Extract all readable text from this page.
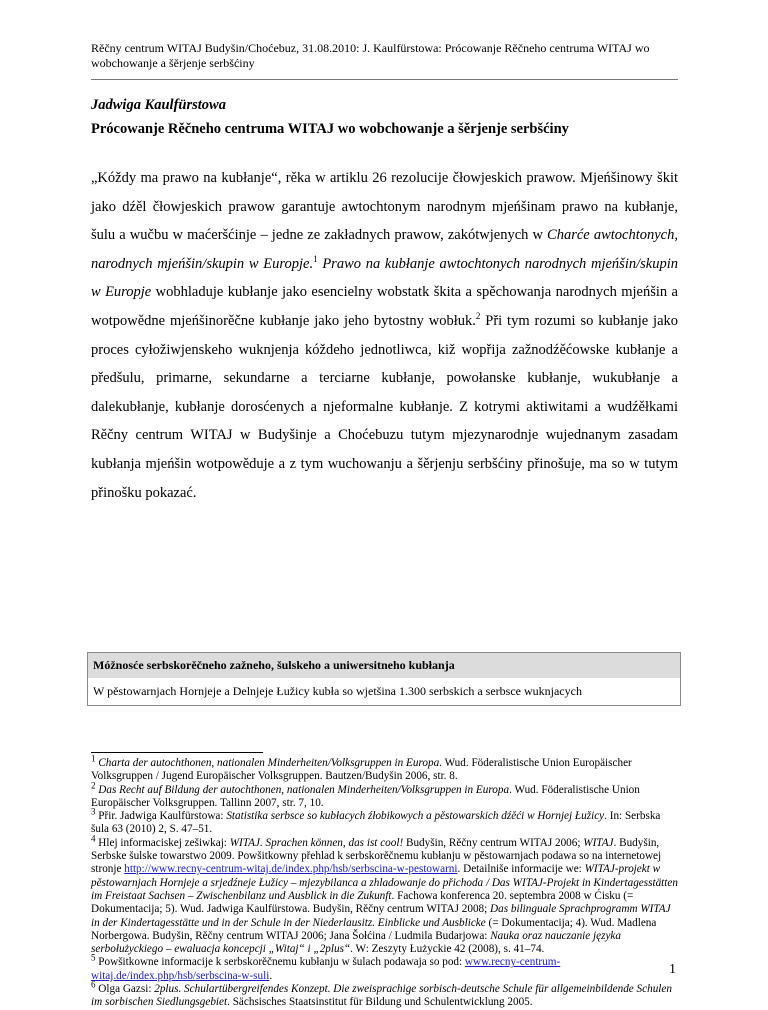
Rěčny centrum WITAJ Budyšin/Choćebuz, 31.08.2010: J. Kaulfürstowa: Prócowanje Rěčneho centruma WITAJ wo wobchowanje a šěrjenje serbšćiny
Jadwiga Kaulfürstowa
Prócowanje Rěčneho centruma WITAJ wo wobchowanje a šěrjenje serbšćiny

„Kóždy ma prawo na kubłanje“, rěka w artiklu 26 rezolucije čłowjeskich prawow. Mjeńšinowy škit jako dźěl čłowjeskich prawow garantuje awtochtonym narodnym mjeńšinam prawo na kubłanje, šulu a wučbu w maćeršćinje – jedne ze zakładnych prawow, zakótwjenych w Charće awtochtonych, narodnych mjeńšin/skupin w Europje.$^1$ Prawo na kubłanje awtochtonych narodnych mjeńšin/skupin w Europje wobhladuje kubłanje jako esencielny wobstatk škita a spěchowanja narodnych mjeńšin a wotpowědne mjeńšinorěčne kubłanje jako jeho bytostny wobłuk.$^2$ Při tym rozumi so kubłanje jako proces cyłožiwjenskeho wuknjenja kóždeho jednotliwca, kiž wopřija zažnodźěćowske kubłanje a předšulu, primarne, sekundarne a terciarne kubłanje, powołanske kubłanje, wukubłanje a dalekubłanje, kubłanje dorosćenych a njeformalne kubłanje. Z kotrymi aktiwitami a wudźěłkami Rěčny centrum WITAJ w Budyšinje a Choćebuzu tutym mjezynarodnje wujednanym zasadam kubłanja mjeńšin wotpowěduje a z tym wuchowanju a šěrjenju serbšćiny přinošuje, ma so w tutym přinošku pokazać.

Móžnosće serbskorěčneho zažneho, šulskeho a uniwersitneho kubłanja
W pěstowarnjach Hornjeje a Delnjeje Łužicy kubła so wjetšina 1.300 serbskich a serbsce wuknjacych

$^1$ Charta der autochthonen, nationalen Minderheiten/Volksgruppen in Europa. Wud. Föderalistische Union Europäischer Volksgruppen / Jugend Europäischer Volksgruppen. Bautzen/Budyšin 2006, str. 8.

$^2$ Das Recht auf Bildung der autochthonen, nationalen Minderheiten/Volksgruppen in Europa. Wud. Föderalistische Union Europäischer Volksgruppen. Tallinn 2007, str. 7, 10.

$^3$ Přir. Jadwiga Kaulfürstowa: Statistika serbsce so kubłacych źłobikowych a pěstowarskich dźěći w Hornjej Łužicy. In: Serbska šula 63 (2010) 2, S. 47–51.

$^4$ Hlej informaciskej zešiwkaj: WITAJ. Sprachen können, das ist cool! Budyšin, Rěčny centrum WITAJ 2006; WITAJ. Budyšin, Serbske šulske towarstwo 2009. Powšitkowny přehlad k serbskorěčnemu kubłanju w pěstowarnjach podawa so na internetowej stronje http://www.recny-centrum-witaj.de/index.php/hsb/serbscina-w-pestowarni. Detailniše informacije we: WITAJ-projekt w pěstowarnjach Hornjeje a srjedźneje Łužicy – mjezybilanca a zhladowanje do přichoda / Das WITAJ-Projekt in Kindertagesstätten im Freistaat Sachsen – Zwischenbilanz und Ausblick in die Zukunft. Fachowa konferenca 20. septembra 2008 w Ćisku (= Dokumentacija; 5). Wud. Jadwiga Kaulfürstowa. Budyšin, Rěčny centrum WITAJ 2008; Das bilinguale Sprachprogramm WITAJ in der Kindertagesstätte und in der Schule in der Niederlausitz. Einblicke und Ausblicke (= Dokumentacija; 4). Wud. Madlena Norbergowa. Budyšin, Rěčny centrum WITAJ 2006; Jana Šołćina / Ludmila Budarjowa: Nauka oraz nauczanie języka serbołużyckiego – ewaluacja koncepcji „Witaj“ i „2plus“. W: Zeszyty Łużyckie 42 (2008), s. 41–74.

$^5$ Powšitkowne informacije k serbskorěčnemu kubłanju w šulach podawaja so pod: www.recny-centrum-witaj.de/index.php/hsb/serbscina-w-suli.

$^6$ Olga Gazsi: 2plus. Schulartübergreifendes Konzept. Die zweisprachige sorbisch-deutsche Schule für allgemeinbildende Schulen im sorbischen Siedlungsgebiet. Sächsisches Staatsinstitut für Bildung und Schulentwicklung 2005.

1
